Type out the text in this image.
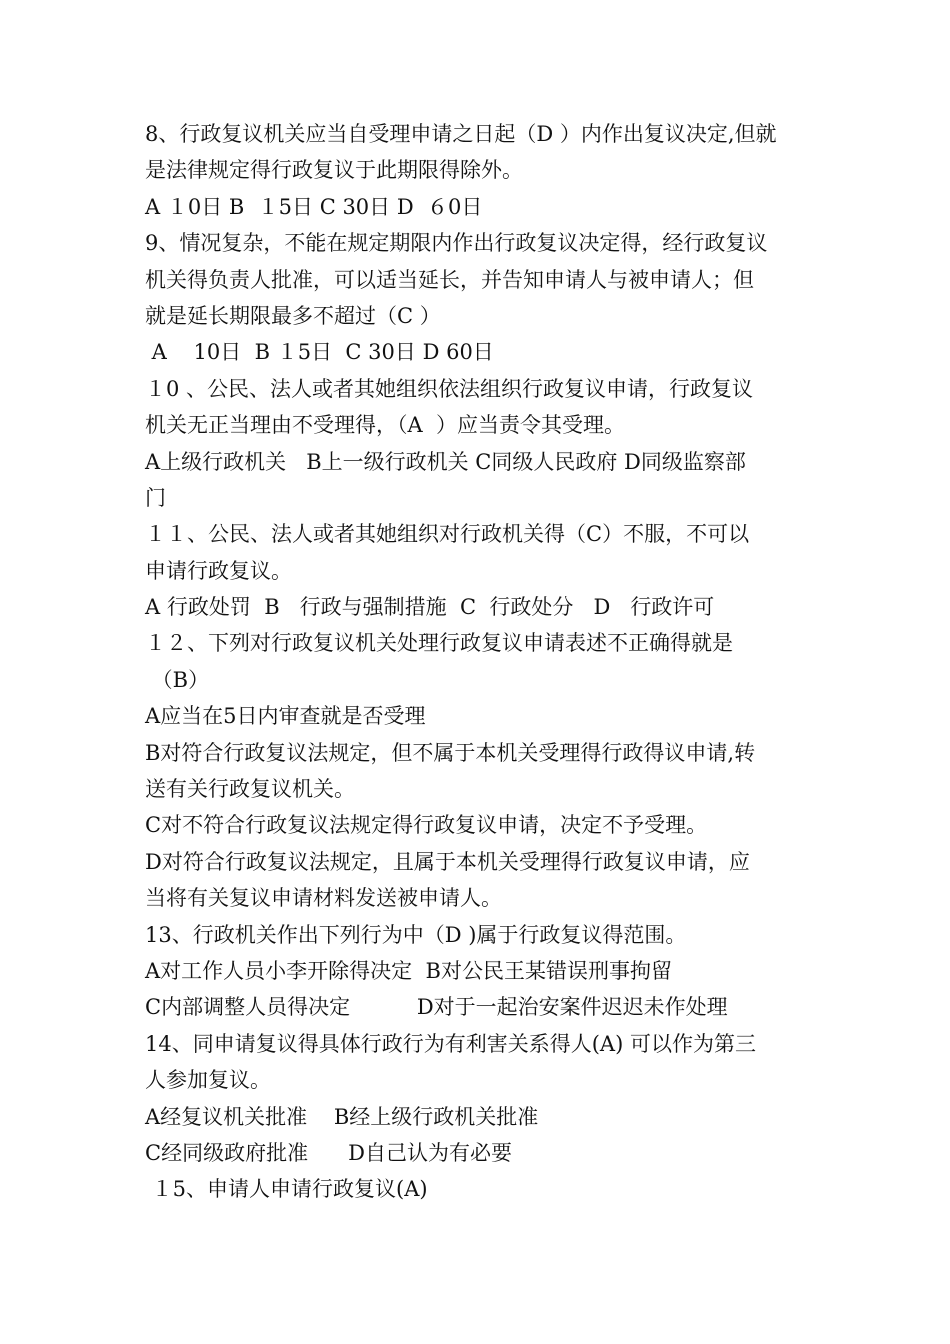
8、行政复议机关应当自受理申请之日起（D ）内作出复议决定,但就
是法律规定得行政复议于此期限得除外。
A １0日 B  １5日 C 30日 D  ６0日
9、情况复杂，不能在规定期限内作出行政复议决定得，经行政复议
机关得负责人批准，可以适当延长，并告知申请人与被申请人；但
就是延长期限最多不超过（C ）
A    10日  B １5日  C 30日 D 60日
１0 、公民、法人或者其她组织依法组织行政复议申请，行政复议
机关无正当理由不受理得，（A  ）应当责令其受理。
A上级行政机关   B上一级行政机关 C同级人民政府 D同级监察部
门
１１、公民、法人或者其她组织对行政机关得（C）不服，不可以
申请行政复议。
A 行政处罚  B   行政与强制措施  C  行政处分   D   行政许可
１２、下列对行政复议机关处理行政复议申请表述不正确得就是
（B）
A应当在5日内审查就是否受理
B对符合行政复议法规定，但不属于本机关受理得行政得议申请,转
送有关行政复议机关。
C对不符合行政复议法规定得行政复议申请，决定不予受理。
D对符合行政复议法规定，且属于本机关受理得行政复议申请，应
当将有关复议申请材料发送被申请人。
13、行政机关作出下列行为中（D )属于行政复议得范围。
A对工作人员小李开除得决定  B对公民王某错误刑事拘留
C内部调整人员得决定          D对于一起治安案件迟迟未作处理
14、同申请复议得具体行政行为有利害关系得人(A) 可以作为第三
人参加复议。
A经复议机关批准    B经上级行政机关批准
C经同级政府批准      D自己认为有必要
１5、申请人申请行政复议(A)
